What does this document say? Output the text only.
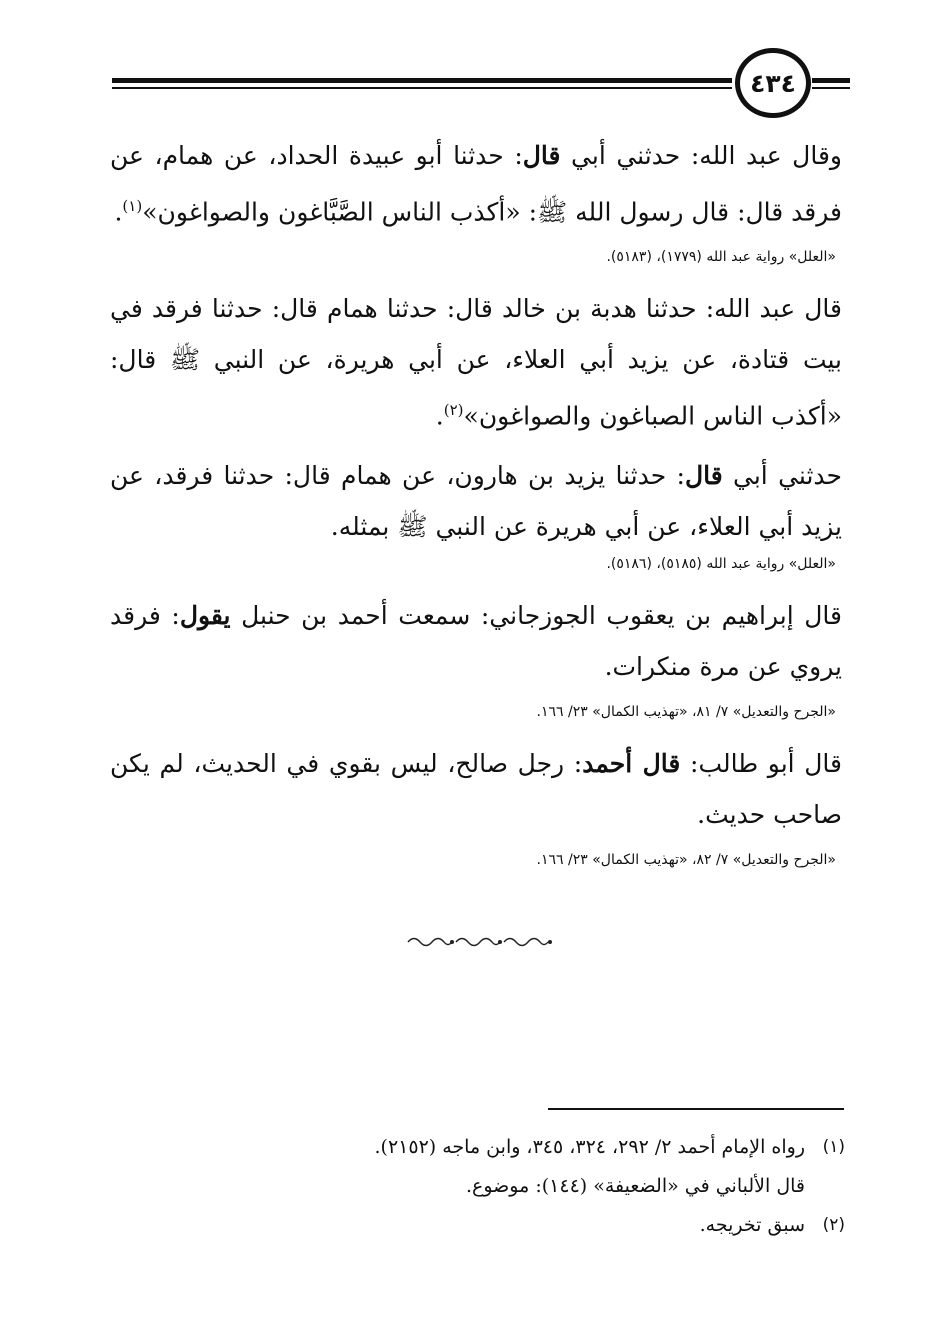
٤٣٤

وقال عبد الله: حدثني أبي قال: حدثنا أبو عبيدة الحداد، عن همام، عن فرقد قال: قال رسول الله ﷺ: «أكذب الناس الصَّبَّاغون والصواغون»$^{(١)}$.

«العلل» رواية عبد الله (١٧٧٩)، (٥١٨٣).

قال عبد الله: حدثنا هدبة بن خالد قال: حدثنا همام قال: حدثنا فرقد في بيت قتادة، عن يزيد أبي العلاء، عن أبي هريرة، عن النبي ﷺ قال: «أكذب الناس الصباغون والصواغون»$^{(٢)}$.

حدثني أبي قال: حدثنا يزيد بن هارون، عن همام قال: حدثنا فرقد، عن يزيد أبي العلاء، عن أبي هريرة عن النبي ﷺ بمثله.

«العلل» رواية عبد الله (٥١٨٥)، (٥١٨٦).

قال إبراهيم بن يعقوب الجوزجاني: سمعت أحمد بن حنبل يقول: فرقد يروي عن مرة منكرات.

«الجرح والتعديل» ٧/ ٨١، «تهذيب الكمال» ٢٣/ ١٦٦.

قال أبو طالب: قال أحمد: رجل صالح، ليس بقوي في الحديث، لم يكن صاحب حديث.

«الجرح والتعديل» ٧/ ٨٢، «تهذيب الكمال» ٢٣/ ١٦٦.

(١)
رواه الإمام أحمد ٢/ ٢٩٢، ٣٢٤، ٣٤٥، وابن ماجه (٢١٥٢).

قال الألباني في «الضعيفة» (١٤٤): موضوع.

(٢)
سبق تخريجه.
